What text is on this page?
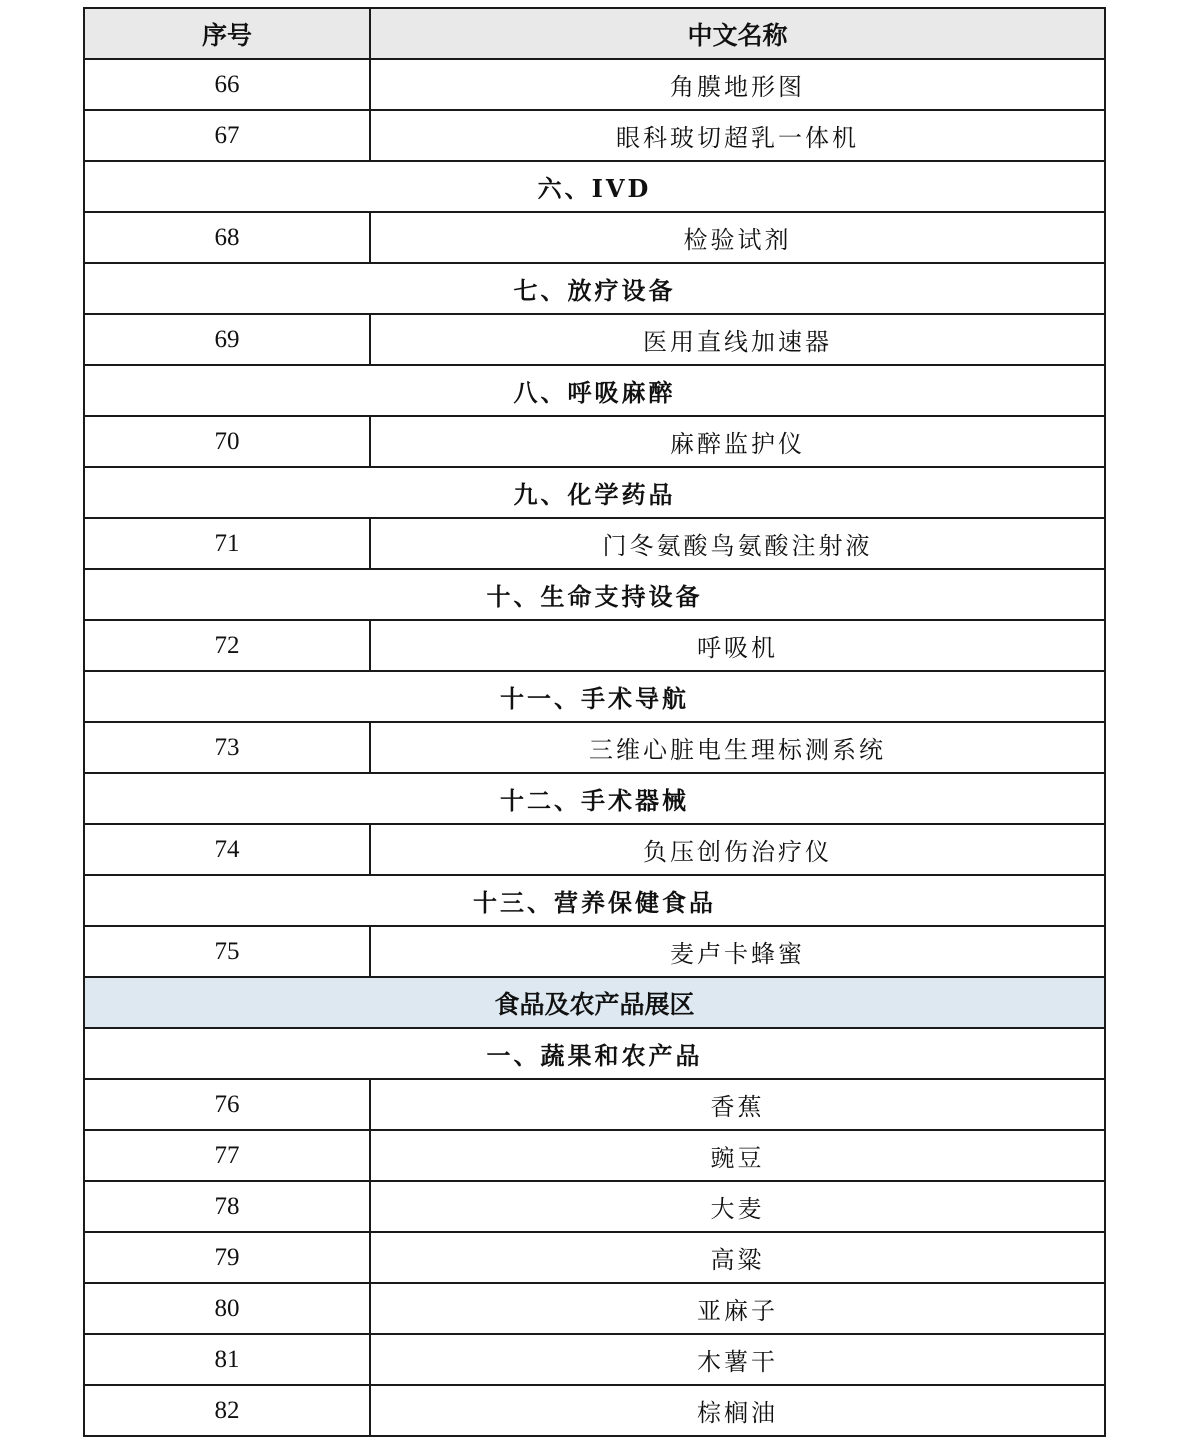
序号	中文名称
66	角膜地形图
67	眼科玻切超乳一体机
六、IVD	
68	检验试剂
七、放疗设备	
69	医用直线加速器
八、呼吸麻醉	
70	麻醉监护仪
九、化学药品	
71	门冬氨酸鸟氨酸注射液
十、生命支持设备	
72	呼吸机
十一、手术导航	
73	三维心脏电生理标测系统
十二、手术器械	
74	负压创伤治疗仪
十三、营养保健食品	
75	麦卢卡蜂蜜
食品及农产品展区	
一、蔬果和农产品	
76	香蕉
77	豌豆
78	大麦
79	高粱
80	亚麻子
81	木薯干
82	棕榈油
